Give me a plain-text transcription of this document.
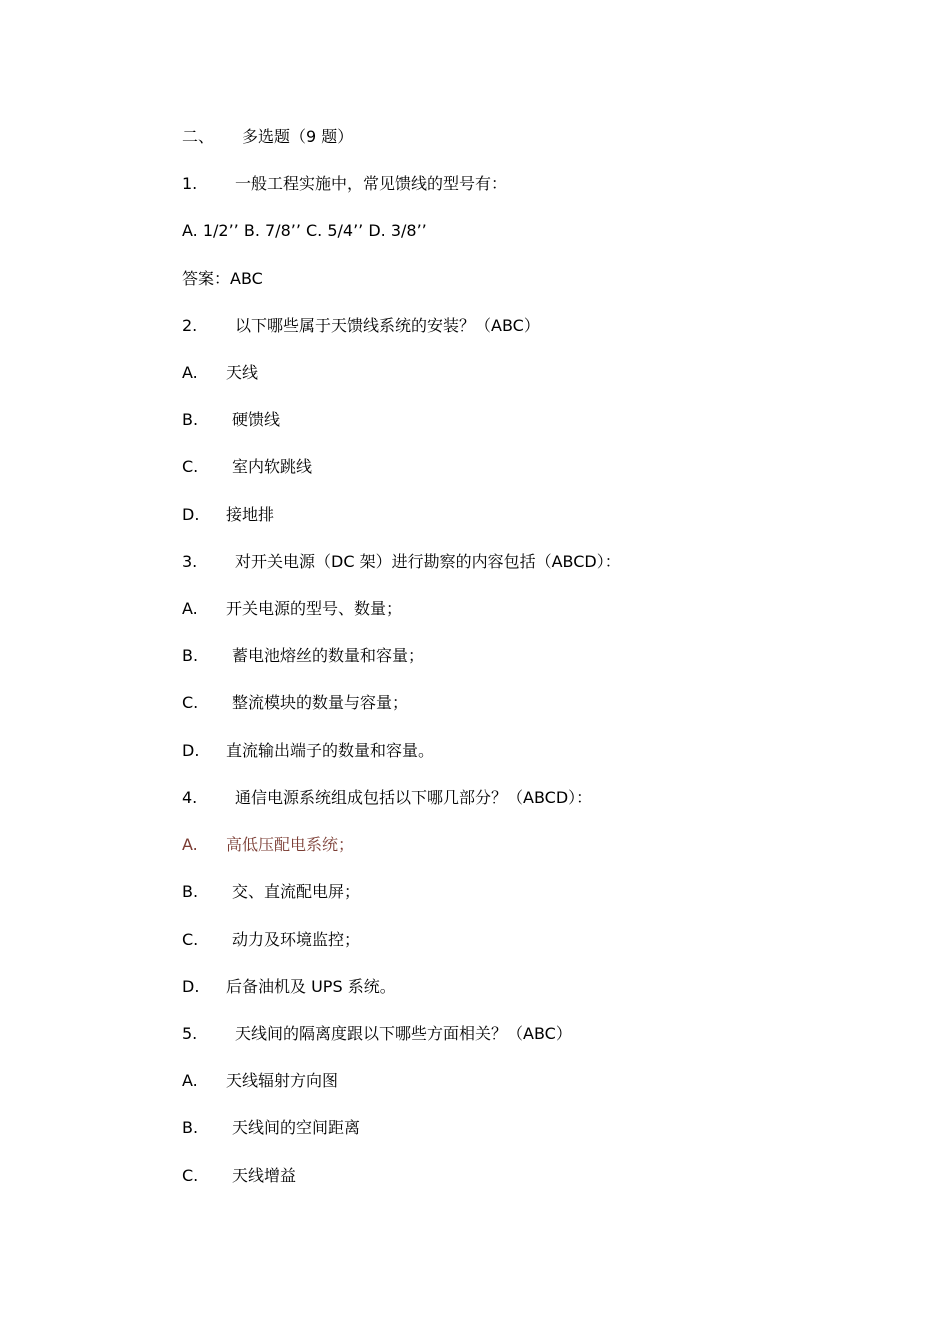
二、 多选题（9 题）
1. 一般工程实施中，常见馈线的型号有：
A. 1/2’’ B. 7/8’’ C. 5/4’’ D. 3/8’’
答案：ABC
2. 以下哪些属于天馈线系统的安装？（ABC）
A. 天线
B. 硬馈线
C. 室内软跳线
D. 接地排
3. 对开关电源（DC 架）进行勘察的内容包括（ABCD）：
A. 开关电源的型号、数量；
B. 蓄电池熔丝的数量和容量；
C. 整流模块的数量与容量；
D. 直流输出端子的数量和容量。
4. 通信电源系统组成包括以下哪几部分？（ABCD）：
A. 高低压配电系统；
B. 交、直流配电屏；
C. 动力及环境监控；
D. 后备油机及 UPS 系统。
5. 天线间的隔离度跟以下哪些方面相关？（ABC）
A. 天线辐射方向图
B. 天线间的空间距离
C. 天线增益
